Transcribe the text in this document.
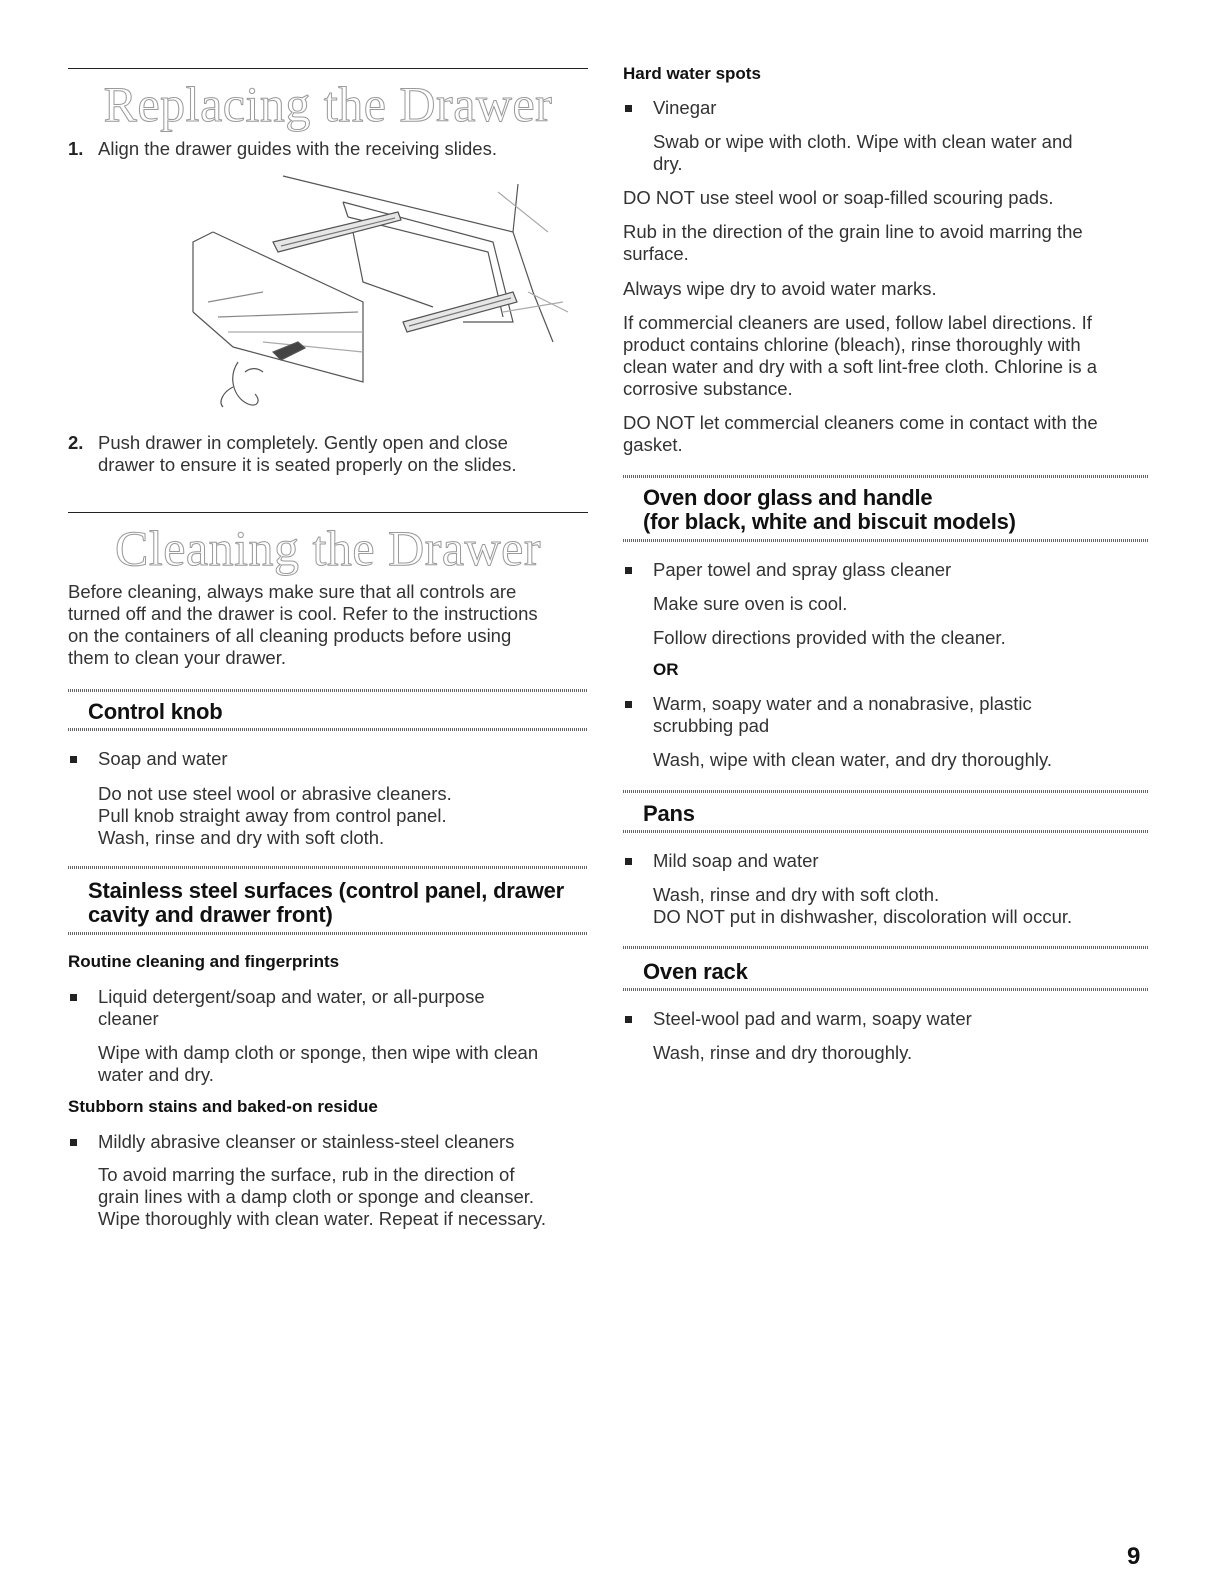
Replacing the Drawer
1. Align the drawer guides with the receiving slides.
2. Push drawer in completely. Gently open and close
drawer to ensure it is seated properly on the slides.
Cleaning the Drawer
Before cleaning, always make sure that all controls are
turned off and the drawer is cool. Refer to the instructions
on the containers of all cleaning products before using
them to clean your drawer.
Control knob
Soap and water
Do not use steel wool or abrasive cleaners.
Pull knob straight away from control panel.
Wash, rinse and dry with soft cloth.
Stainless steel surfaces (control panel, drawer
cavity and drawer front)
Routine cleaning and fingerprints
Liquid detergent/soap and water, or all-purpose
cleaner
Wipe with damp cloth or sponge, then wipe with clean
water and dry.
Stubborn stains and baked-on residue
Mildly abrasive cleanser or stainless-steel cleaners
To avoid marring the surface, rub in the direction of
grain lines with a damp cloth or sponge and cleanser.
Wipe thoroughly with clean water. Repeat if necessary.
Hard water spots
Vinegar
Swab or wipe with cloth. Wipe with clean water and
dry.
DO NOT use steel wool or soap-filled scouring pads.
Rub in the direction of the grain line to avoid marring the
surface.
Always wipe dry to avoid water marks.
If commercial cleaners are used, follow label directions. If
product contains chlorine (bleach), rinse thoroughly with
clean water and dry with a soft lint-free cloth. Chlorine is a
corrosive substance.
DO NOT let commercial cleaners come in contact with the
gasket.
Oven door glass and handle
(for black, white and biscuit models)
Paper towel and spray glass cleaner
Make sure oven is cool.
Follow directions provided with the cleaner.
OR
Warm, soapy water and a nonabrasive, plastic
scrubbing pad
Wash, wipe with clean water, and dry thoroughly.
Pans
Mild soap and water
Wash, rinse and dry with soft cloth.
DO NOT put in dishwasher, discoloration will occur.
Oven rack
Steel-wool pad and warm, soapy water
Wash, rinse and dry thoroughly.
9
